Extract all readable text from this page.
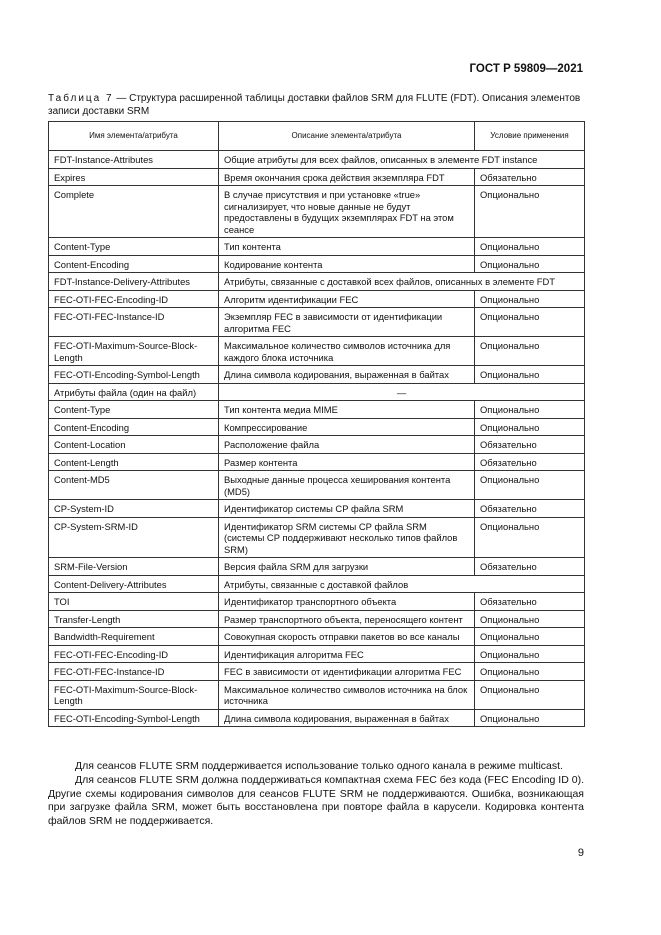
ГОСТ Р 59809—2021
Таблица 7 — Структура расширенной таблицы доставки файлов SRM для FLUTE (FDT). Описания элементов записи доставки SRM
Имя элемента/атрибута	Описание элемента/атрибута	Условие применения
FDT-Instance-Attributes	Общие атрибуты для всех файлов, описанных в элементе FDT instance	
Expires	Время окончания срока действия экземпляра FDT	Обязательно
Complete	В случае присутствия и при установке «true» сигнализирует, что новые данные не будут предоставлены в будущих экземплярах FDT на этом сеансе	Опционально
Content-Type	Тип контента	Опционально
Content-Encoding	Кодирование контента	Опционально
FDT-Instance-Delivery-Attributes	Атрибуты, связанные с доставкой всех файлов, описанных в элементе FDT	
FEC-OTI-FEC-Encoding-ID	Алгоритм идентификации FEC	Опционально
FEC-OTI-FEC-Instance-ID	Экземпляр FEC в зависимости от идентификации алгоритма FEC	Опционально
FEC-OTI-Maximum-Source-Block-Length	Максимальное количество символов источника для каждого блока источника	Опционально
FEC-OTI-Encoding-Symbol-Length	Длина символа кодирования, выраженная в байтах	Опционально
Атрибуты файла (один на файл)	—	
Content-Type	Тип контента медиа MIME	Опционально
Content-Encoding	Компрессирование	Опционально
Content-Location	Расположение файла	Обязательно
Content-Length	Размер контента	Обязательно
Content-MD5	Выходные данные процесса хеширования контента (MD5)	Опционально
CP-System-ID	Идентификатор системы СР файла SRM	Обязательно
CP-System-SRM-ID	Идентификатор SRM системы СР файла SRM (системы СР поддерживают несколько типов файлов SRM)	Опционально
SRM-File-Version	Версия файла SRM для загрузки	Обязательно
Content-Delivery-Attributes	Атрибуты, связанные с доставкой файлов	
TOI	Идентификатор транспортного объекта	Обязательно
Transfer-Length	Размер транспортного объекта, переносящего контент	Опционально
Bandwidth-Requirement	Совокупная скорость отправки пакетов во все каналы	Опционально
FEC-OTI-FEC-Encoding-ID	Идентификация алгоритма FEC	Опционально
FEC-OTI-FEC-Instance-ID	FEC в зависимости от идентификации алгоритма FEC	Опционально
FEC-OTI-Maximum-Source-Block-Length	Максимальное количество символов источника на блок источника	Опционально
FEC-OTI-Encoding-Symbol-Length	Длина символа кодирования, выраженная в байтах	Опционально

Для сеансов FLUTE SRM поддерживается использование только одного канала в режиме multicast.

Для сеансов FLUTE SRM должна поддерживаться компактная схема FEC без кода (FEC Encoding ID 0). Другие схемы кодирования символов для сеансов FLUTE SRM не поддерживаются. Ошибка, возникающая при загрузке файла SRM, может быть восстановлена при повторе файла в карусели. Кодировка контента файлов SRM не поддерживается.

9
